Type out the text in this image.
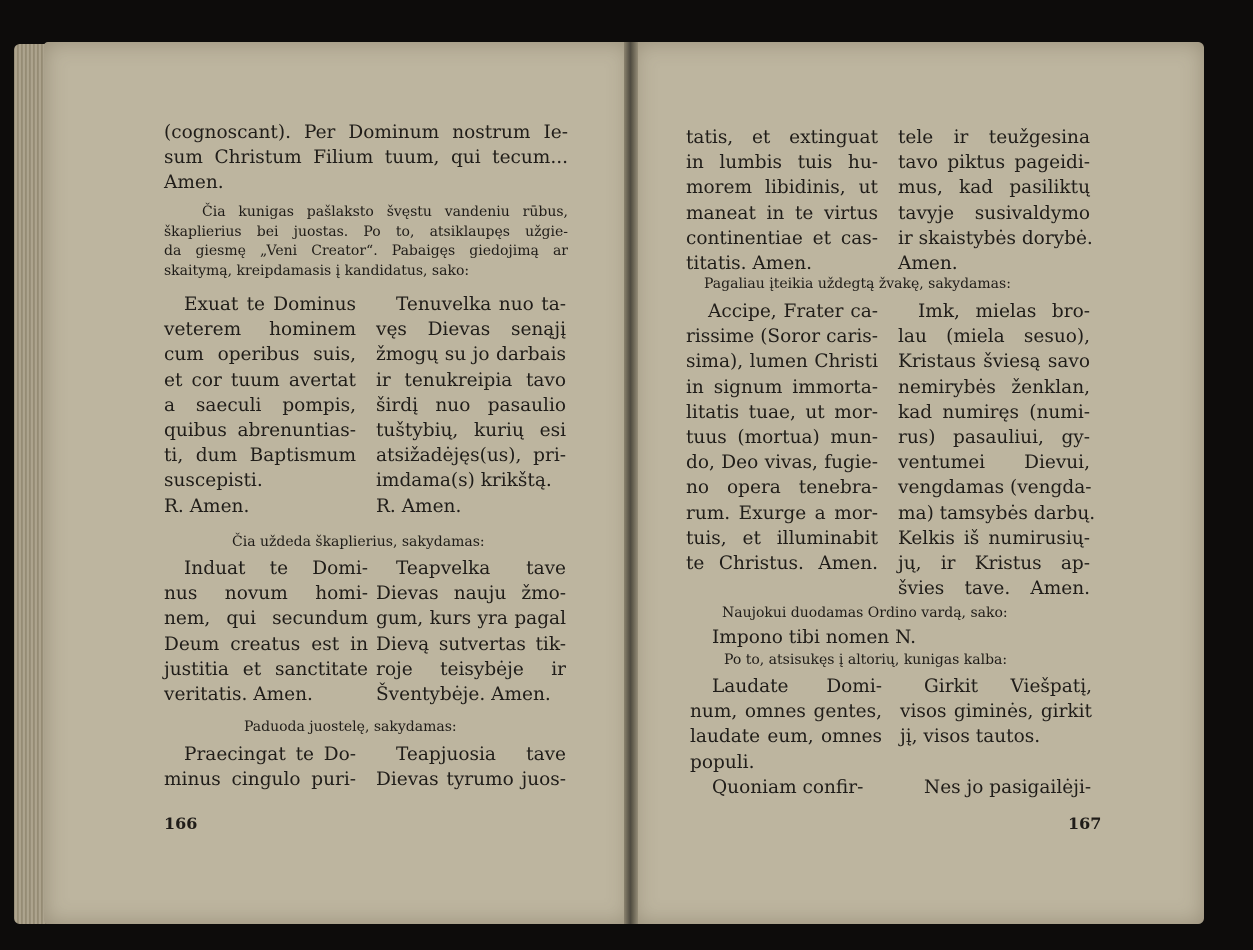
(cognoscant). Per Dominum nostrum Ie-
sum Christum Filium tuum, qui tecum...
Amen.
Čia kunigas pašlaksto švęstu vandeniu rūbus,
škaplierius bei juostas. Po to, atsiklaupęs užgie-
da giesmę „Veni Creator“. Pabaigęs giedojimą ar
skaitymą, kreipdamasis į kandidatus, sako:
Exuat te Dominus
veterem hominem
cum operibus suis,
et cor tuum avertat
a saeculi pompis,
quibus abrenuntias-
ti, dum Baptismum
suscepisti.
R. Amen.
Tenuvelka nuo ta-
vęs Dievas senąjį
žmogų su jo darbais
ir tenukreipia tavo
širdį nuo pasaulio
tuštybių, kurių esi
atsižadėjęs(us), pri-
imdama(s) krikštą.
R. Amen.
Čia uždeda škaplierius, sakydamas:
Induat te Domi-
nus novum homi-
nem, qui secundum
Deum creatus est in
justitia et sanctitate
veritatis. Amen.
Teapvelka tave
Dievas nauju žmo-
gum, kurs yra pagal
Dievą sutvertas tik-
roje teisybėje ir
Šventybėje. Amen.
Paduoda juostelę, sakydamas:
Praecingat te Do-
minus cingulo puri-
Teapjuosia tave
Dievas tyrumo juos-
166
tatis, et extinguat
in lumbis tuis hu-
morem libidinis, ut
maneat in te virtus
continentiae et cas-
titatis. Amen.
tele ir teužgesina
tavo piktus pageidi-
mus, kad pasiliktų
tavyje susivaldymo
ir skaistybės dorybė.
Amen.
Pagaliau įteikia uždegtą žvakę, sakydamas:
Accipe, Frater ca-
rissime (Soror caris-
sima), lumen Christi
in signum immorta-
litatis tuae, ut mor-
tuus (mortua) mun-
do, Deo vivas, fugie-
no opera tenebra-
rum. Exurge a mor-
tuis, et illuminabit
te Christus. Amen.
Imk, mielas bro-
lau (miela sesuo),
Kristaus šviesą savo
nemirybės ženklan,
kad numiręs (numi-
rus) pasauliui, gy-
ventumei Dievui,
vengdamas (vengda-
ma) tamsybės darbų.
Kelkis iš numirusių-
jų, ir Kristus ap-
švies tave. Amen.
Naujokui duodamas Ordino vardą, sako:
Impono tibi nomen N.
Po to, atsisukęs į altorių, kunigas kalba:
Laudate Domi-
num, omnes gentes,
laudate eum, omnes
populi.
Girkit Viešpatį,
visos giminės, girkit
jį, visos tautos.
Quoniam confir-	Nes jo pasigailėji-
167
